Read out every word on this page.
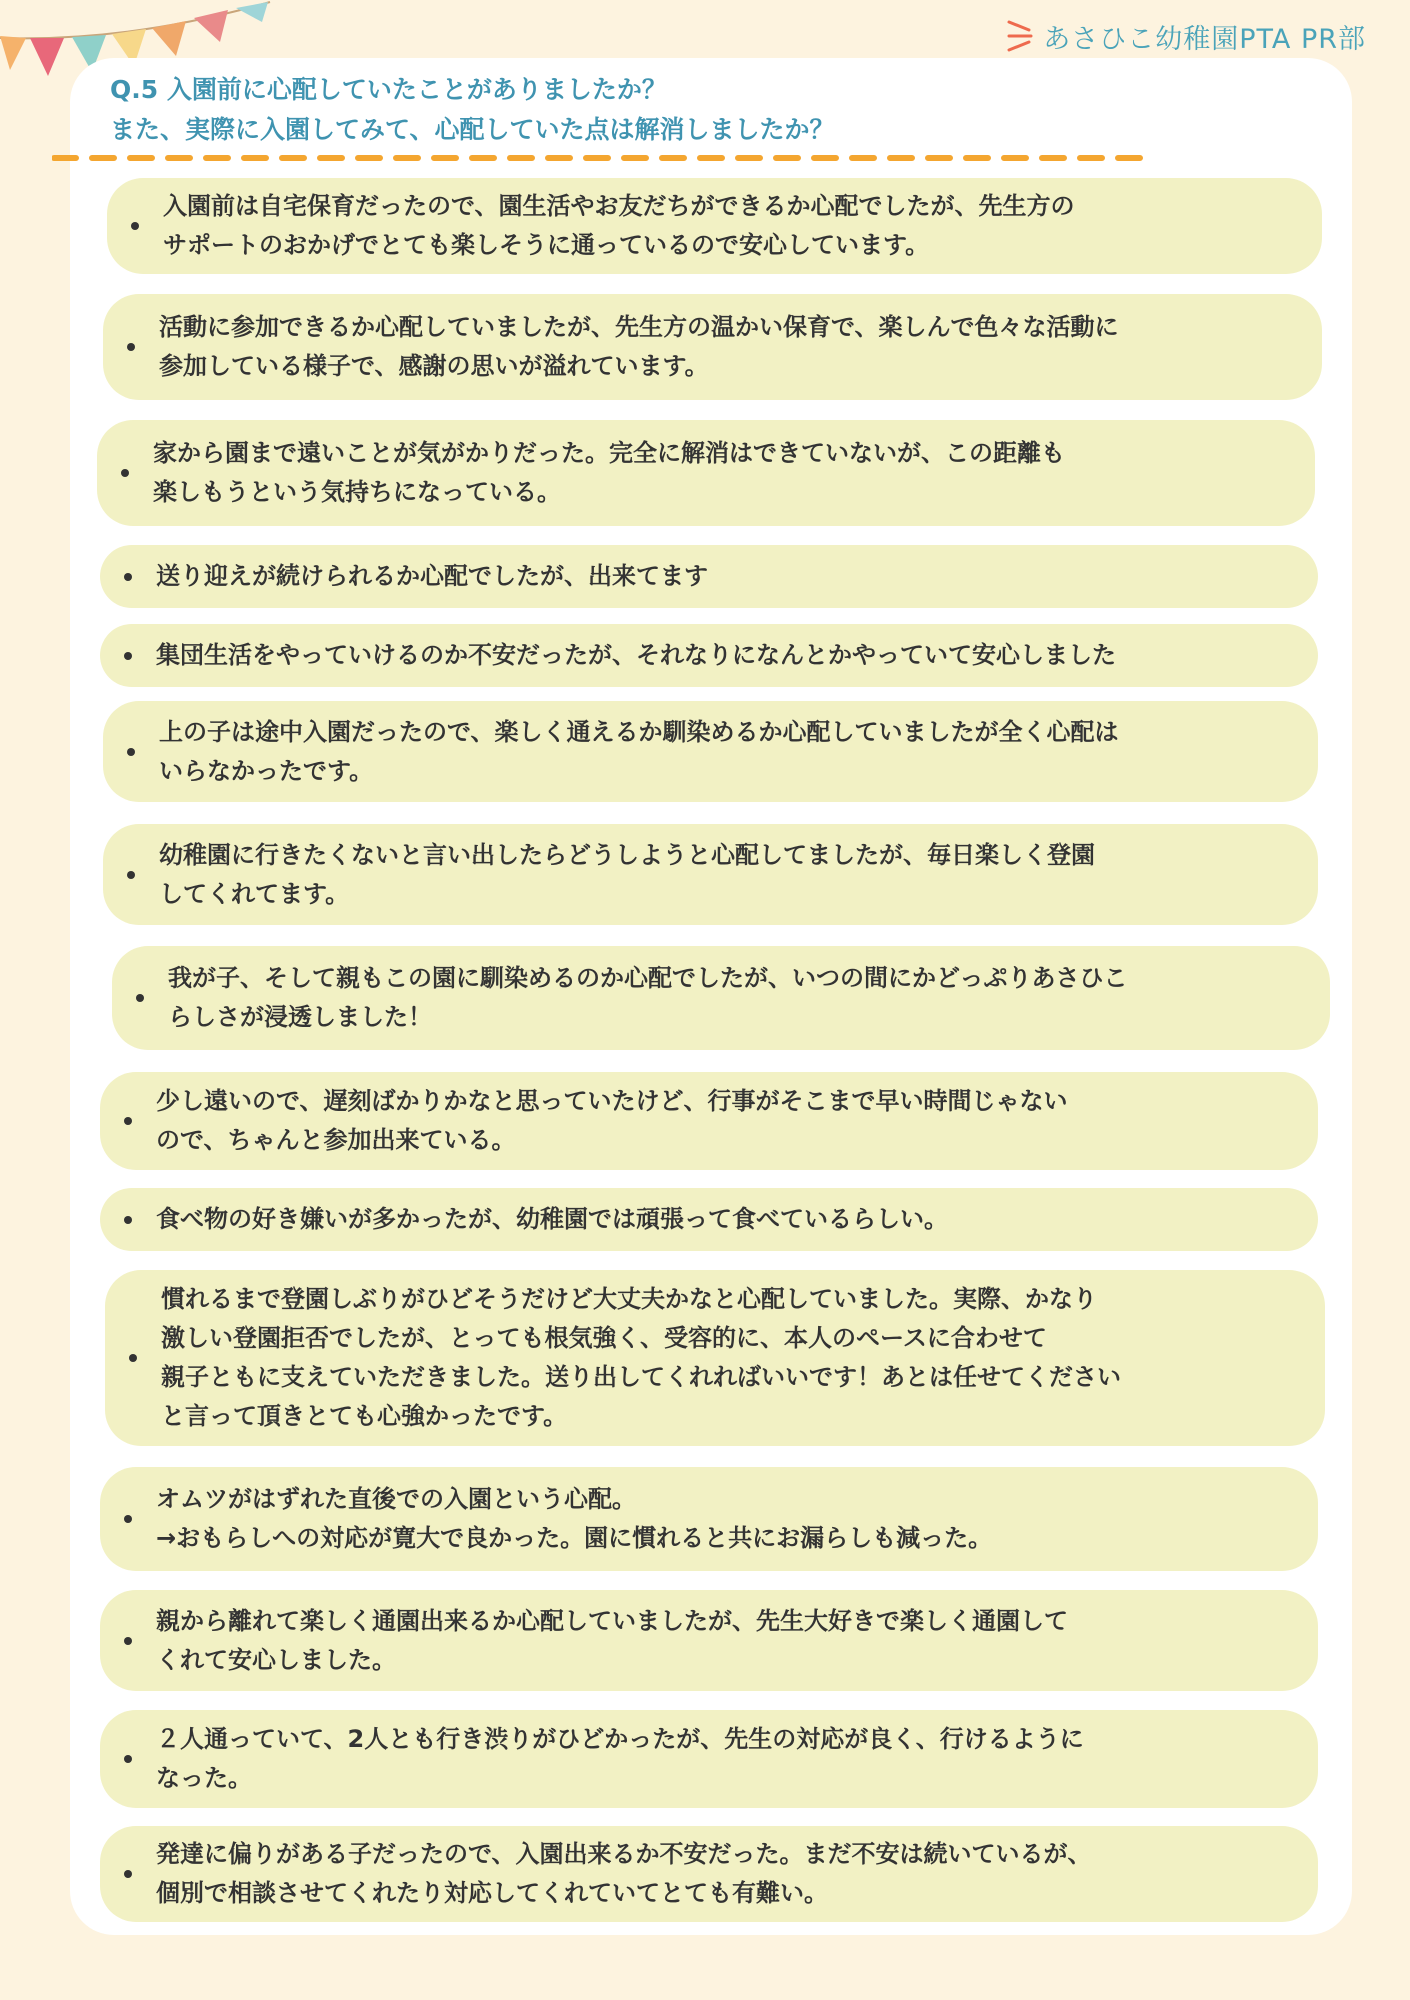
あさひこ幼稚園PTA PR部
Q.5 入園前に心配していたことがありましたか？
また、実際に入園してみて、心配していた点は解消しましたか？
入園前は自宅保育だったので、園生活やお友だちができるか心配でしたが、先生方の
サポートのおかげでとても楽しそうに通っているので安心しています。
活動に参加できるか心配していましたが、先生方の温かい保育で、楽しんで色々な活動に
参加している様子で、感謝の思いが溢れています。
家から園まで遠いことが気がかりだった。完全に解消はできていないが、この距離も
楽しもうという気持ちになっている。
送り迎えが続けられるか心配でしたが、出来てます
集団生活をやっていけるのか不安だったが、それなりになんとかやっていて安心しました
上の子は途中入園だったので、楽しく通えるか馴染めるか心配していましたが全く心配は
いらなかったです。
幼稚園に行きたくないと言い出したらどうしようと心配してましたが、毎日楽しく登園
してくれてます。
我が子、そして親もこの園に馴染めるのか心配でしたが、いつの間にかどっぷりあさひこ
らしさが浸透しました！
少し遠いので、遅刻ばかりかなと思っていたけど、行事がそこまで早い時間じゃない
ので、ちゃんと参加出来ている。
食べ物の好き嫌いが多かったが、幼稚園では頑張って食べているらしい。
慣れるまで登園しぶりがひどそうだけど大丈夫かなと心配していました。実際、かなり
激しい登園拒否でしたが、とっても根気強く、受容的に、本人のペースに合わせて
親子ともに支えていただきました。送り出してくれればいいです！あとは任せてください
と言って頂きとても心強かったです。
オムツがはずれた直後での入園という心配。
→おもらしへの対応が寛大で良かった。園に慣れると共にお漏らしも減った。
親から離れて楽しく通園出来るか心配していましたが、先生大好きで楽しく通園して
くれて安心しました。
２人通っていて、2人とも行き渋りがひどかったが、先生の対応が良く、行けるように
なった。
発達に偏りがある子だったので、入園出来るか不安だった。まだ不安は続いているが、
個別で相談させてくれたり対応してくれていてとても有難い。
